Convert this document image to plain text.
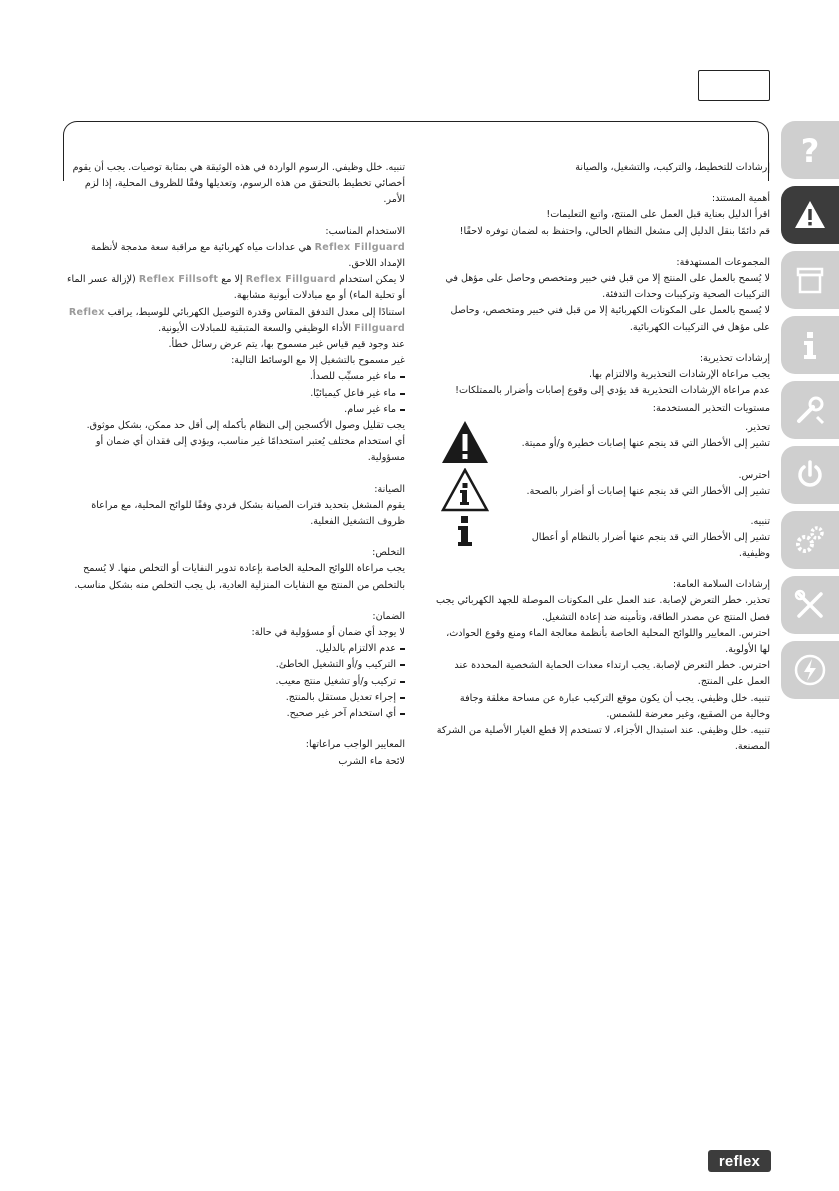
?

إرشادات للتخطيط، والتركيب، والتشغيل، والصيانة

أهمية المستند:

اقرأ الدليل بعناية قبل العمل على المنتج، واتبع التعليمات!

قم دائمًا بنقل الدليل إلى مشغل النظام الحالي، واحتفظ به لضمان توفره لاحقًا!

المجموعات المستهدفة:

لا يُسمح بالعمل على المنتج إلا من قبل فني خبير ومتخصص وحاصل على مؤهل في التركيبات الصحية وتركيبات وحدات التدفئة.

لا يُسمح بالعمل على المكونات الكهربائية إلا من قبل فني خبير ومتخصص، وحاصل على مؤهل في التركيبات الكهربائية.

إرشادات تحذيرية:

يجب مراعاة الإرشادات التحذيرية والالتزام بها.

عدم مراعاة الإرشادات التحذيرية قد يؤدي إلى وقوع إصابات وأضرار بالممتلكات!

مستويات التحذير المستخدمة:

تحذير.

تشير إلى الأخطار التي قد ينجم عنها إصابات خطيرة و/أو مميتة.

احترس.

تشير إلى الأخطار التي قد ينجم عنها إصابات أو أضرار بالصحة.

تنبيه.

تشير إلى الأخطار التي قد ينجم عنها أضرار بالنظام أو أعطال وظيفية.

إرشادات السلامة العامة:

تحذير. خطر التعرض لإصابة. عند العمل على المكونات الموصلة للجهد الكهربائي يجب فصل المنتج عن مصدر الطاقة، وتأمينه ضد إعادة التشغيل.

احترس. المعايير واللوائح المحلية الخاصة بأنظمة معالجة الماء ومنع وقوع الحوادث، لها الأولوية.

احترس. خطر التعرض لإصابة. يجب ارتداء معدات الحماية الشخصية المحددة عند العمل على المنتج.

تنبيه. خلل وظيفي. يجب أن يكون موقع التركيب عبارة عن مساحة مغلقة وجافة وخالية من الصقيع، وغير معرضة للشمس.

تنبيه. خلل وظيفي. عند استبدال الأجزاء، لا تستخدم إلا قطع الغيار الأصلية من الشركة المصنعة.

تنبيه. خلل وظيفي. الرسوم الواردة في هذه الوثيقة هي بمثابة توصيات. يجب أن يقوم أخصائي تخطيط بالتحقق من هذه الرسوم، وتعديلها وفقًا للظروف المحلية، إذا لزم الأمر.

الاستخدام المناسب:

Reflex Fillguard هي عدادات مياه كهربائية مع مراقبة سعة مدمجة لأنظمة الإمداد اللاحق.

لا يمكن استخدام Reflex Fillguard إلا مع Reflex Fillsoft (لإزالة عسر الماء أو تحلية الماء) أو مع مبادلات أيونية مشابهة.

استنادًا إلى معدل التدفق المقاس وقدرة التوصيل الكهربائي للوسيط، يراقب Reflex Fillguard الأداء الوظيفي والسعة المتبقية للمبادلات الأيونية.

عند وجود قيم قياس غير مسموح بها، يتم عرض رسائل خطأ.

غير مسموح بالتشغيل إلا مع الوسائط التالية:

ماء غير مسبِّب للصدأ.
ماء غير فاعل كيميائيًا.
ماء غير سام.

يجب تقليل وصول الأكسجين إلى النظام بأكمله إلى أقل حد ممكن، بشكل موثوق.

أي استخدام مختلف يُعتبر استخدامًا غير مناسب، ويؤدي إلى فقدان أي ضمان أو مسؤولية.

الصيانة:

يقوم المشغل بتحديد فترات الصيانة بشكل فردي وفقًا للوائح المحلية، مع مراعاة ظروف التشغيل الفعلية.

التخلص:

يجب مراعاة اللوائح المحلية الخاصة بإعادة تدوير النفايات أو التخلص منها. لا يُسمح بالتخلص من المنتج مع النفايات المنزلية العادية، بل يجب التخلص منه بشكل مناسب.

الضمان:

لا يوجد أي ضمان أو مسؤولية في حالة:

عدم الالتزام بالدليل.
التركيب و/أو التشغيل الخاطئ.
تركيب و/أو تشغيل منتج معيب.
إجراء تعديل مستقل بالمنتج.
أي استخدام آخر غير صحيح.

المعايير الواجب مراعاتها:

لائحة ماء الشرب

reflex
